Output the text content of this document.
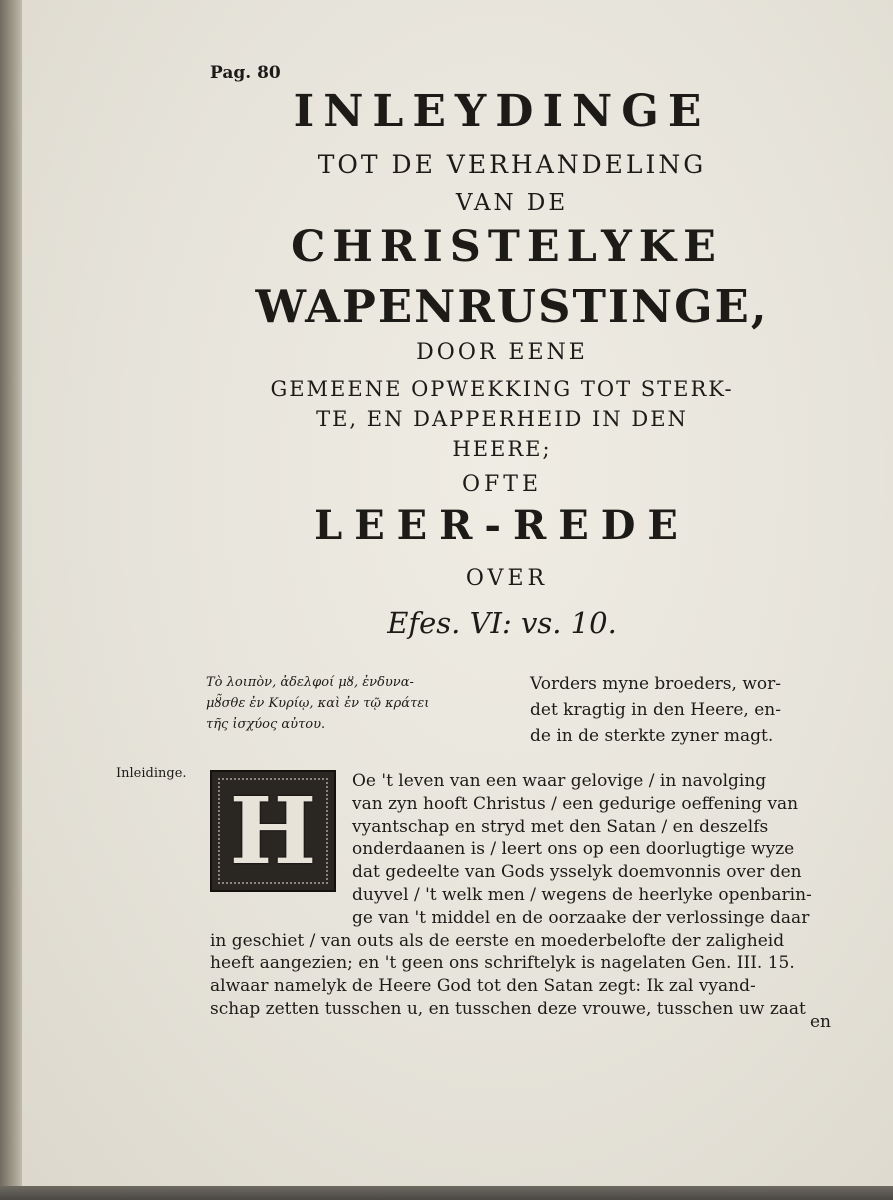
Pag. 80
INLEYDINGE
TOT DE VERHANDELING
VAN DE
CHRISTELYKE
WAPENRUSTINGE,
DOOR EENE
GEMEENE OPWEKKING TOT STERK-
TE, EN DAPPERHEID IN DEN
HEERE;
OFTE
LEER-REDE
OVER
Efes. VI: vs. 10.
Τὸ λοιπὸν, ἀδελφοί μȣ, ἐνδυνα-
μȣ̃σθε ἐν Κυρίῳ, καὶ ἐν τῷ κράτει
τῆς ἰσχύος αὐτου.
Vorders myne broeders, wor-
det kragtig in den Heere, en-
de in de sterkte zyner magt.
Inleidinge.	Oe 't leven van een waar gelovige / in navolging
van zyn hooft Christus / een gedurige oeffening van
vyantschap en stryd met den Satan / en deszelfs
onderdaanen is / leert ons op een doorlugtige wyze
dat gedeelte van Gods ysselyk doemvonnis over den
duyvel / 't welk men / wegens de heerlyke openbarin-
ge van 't middel en de oorzaake der verlossinge daar
in geschiet / van outs als de eerste en moederbelofte der zaligheid
heeft aangezien; en 't geen ons schriftelyk is nagelaten Gen. III. 15.
alwaar namelyk de Heere God tot den Satan zegt: Ik zal vyand-
schap zetten tusschen u, en tusschen deze vrouwe, tusschen uw zaat
H
en
